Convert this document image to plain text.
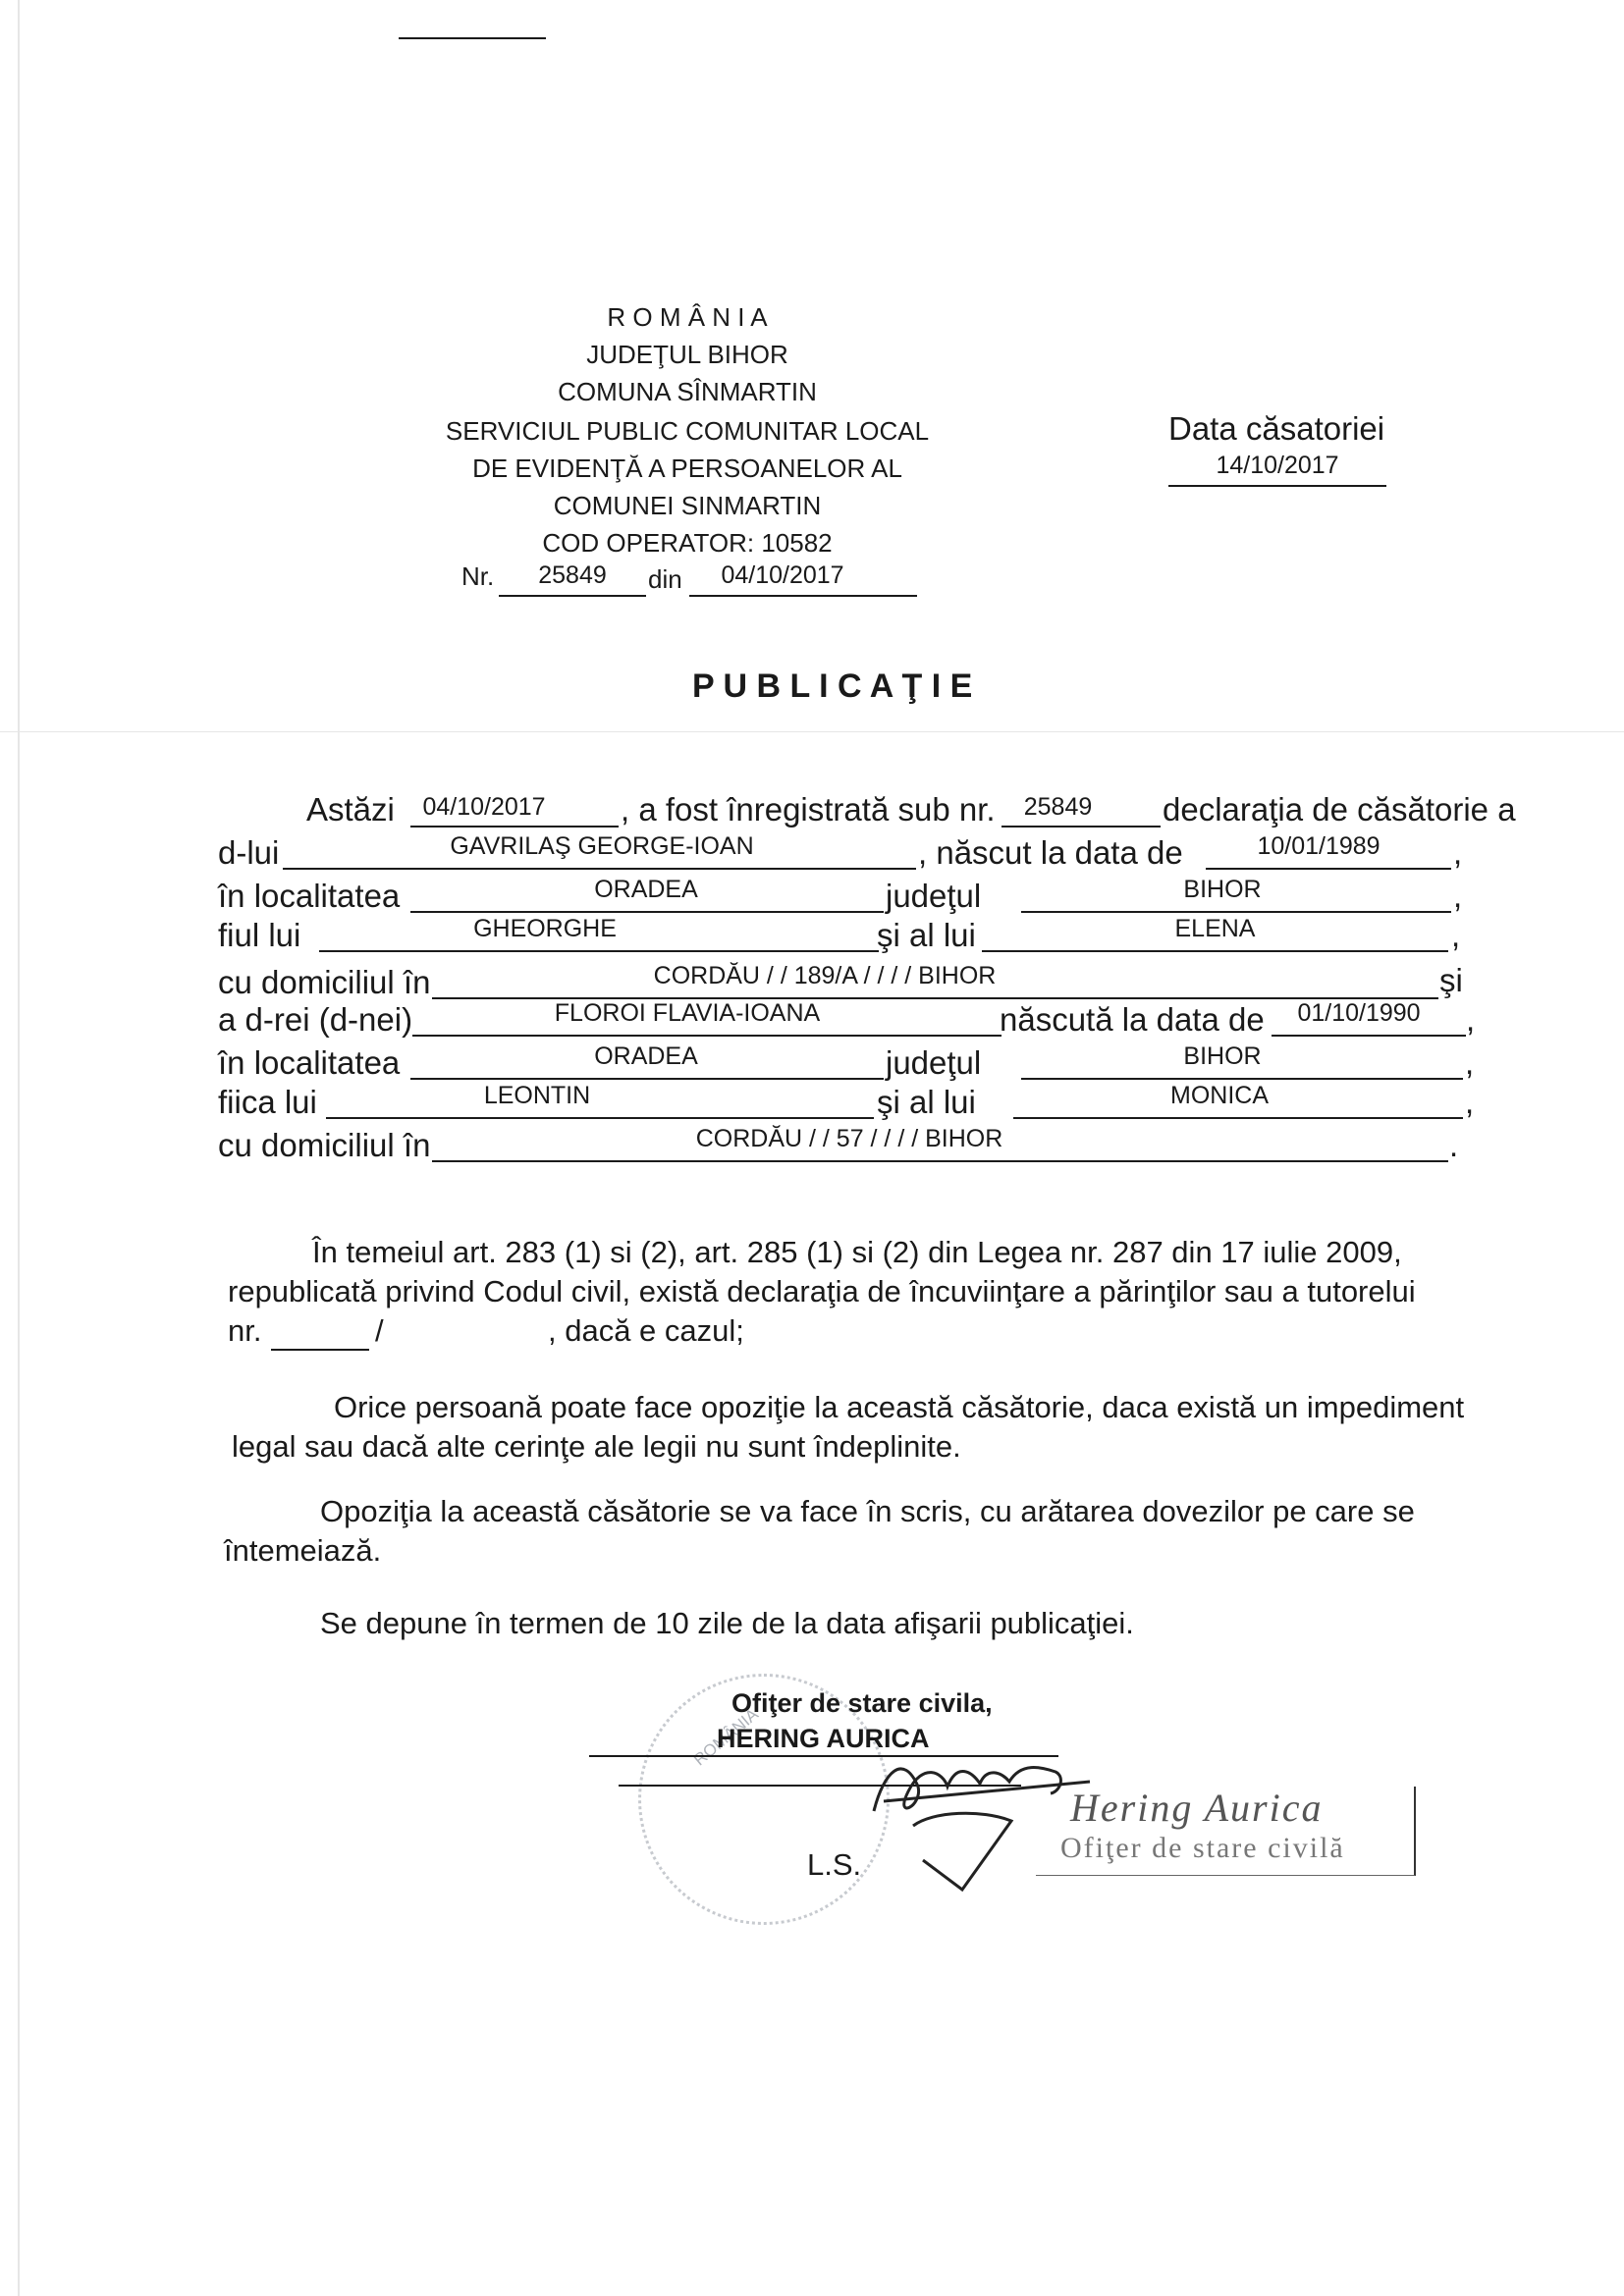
R O M Â N I A
JUDEŢUL BIHOR
COMUNA SÎNMARTIN
SERVICIUL PUBLIC COMUNITAR LOCAL
DE EVIDENŢĂ A PERSOANELOR AL
COMUNEI SINMARTIN
COD OPERATOR: 10582
Nr.	25849	din	04/10/2017
Data căsatoriei
14/10/2017
P U B L I C A Ţ I E
Astăzi	04/10/2017	, a fost înregistrată sub nr.	25849	declaraţia de căsătorie a
d-lui	GAVRILAŞ GEORGE-IOAN	, născut la data de	10/01/1989	,
în localitatea	ORADEA	judeţul	BIHOR	,
fiul lui	GHEORGHE	şi al lui	ELENA	,
cu domiciliul în	CORDĂU / / 189/A / / / / BIHOR	şi
a d-rei (d-nei)	FLOROI FLAVIA-IOANA	născută la data de	01/10/1990	,
în localitatea	ORADEA	judeţul	BIHOR	,
fiica lui	LEONTIN	şi al lui	MONICA	,
cu domiciliul în	CORDĂU / / 57 / / / / BIHOR	.
În temeiul art. 283 (1) si (2), art. 285 (1) si (2) din Legea nr. 287 din 17 iulie 2009,
republicată privind Codul civil, există declaraţia de încuviinţare a părinţilor sau a tutorelui
nr.	/	, dacă e cazul;
Orice persoană poate face opoziţie la această căsătorie, daca există un impediment
legal sau dacă alte cerinţe ale legii nu sunt îndeplinite.
Opoziţia la această căsătorie se va face în scris, cu arătarea dovezilor pe care se
întemeiază.
Se depune în termen de 10 zile de la data afişarii publicaţiei.
ROMÂNIA
Ofiţer de stare civila,
HERING AURICA
L.S.
Hering Aurica
Ofiţer de stare civilă
